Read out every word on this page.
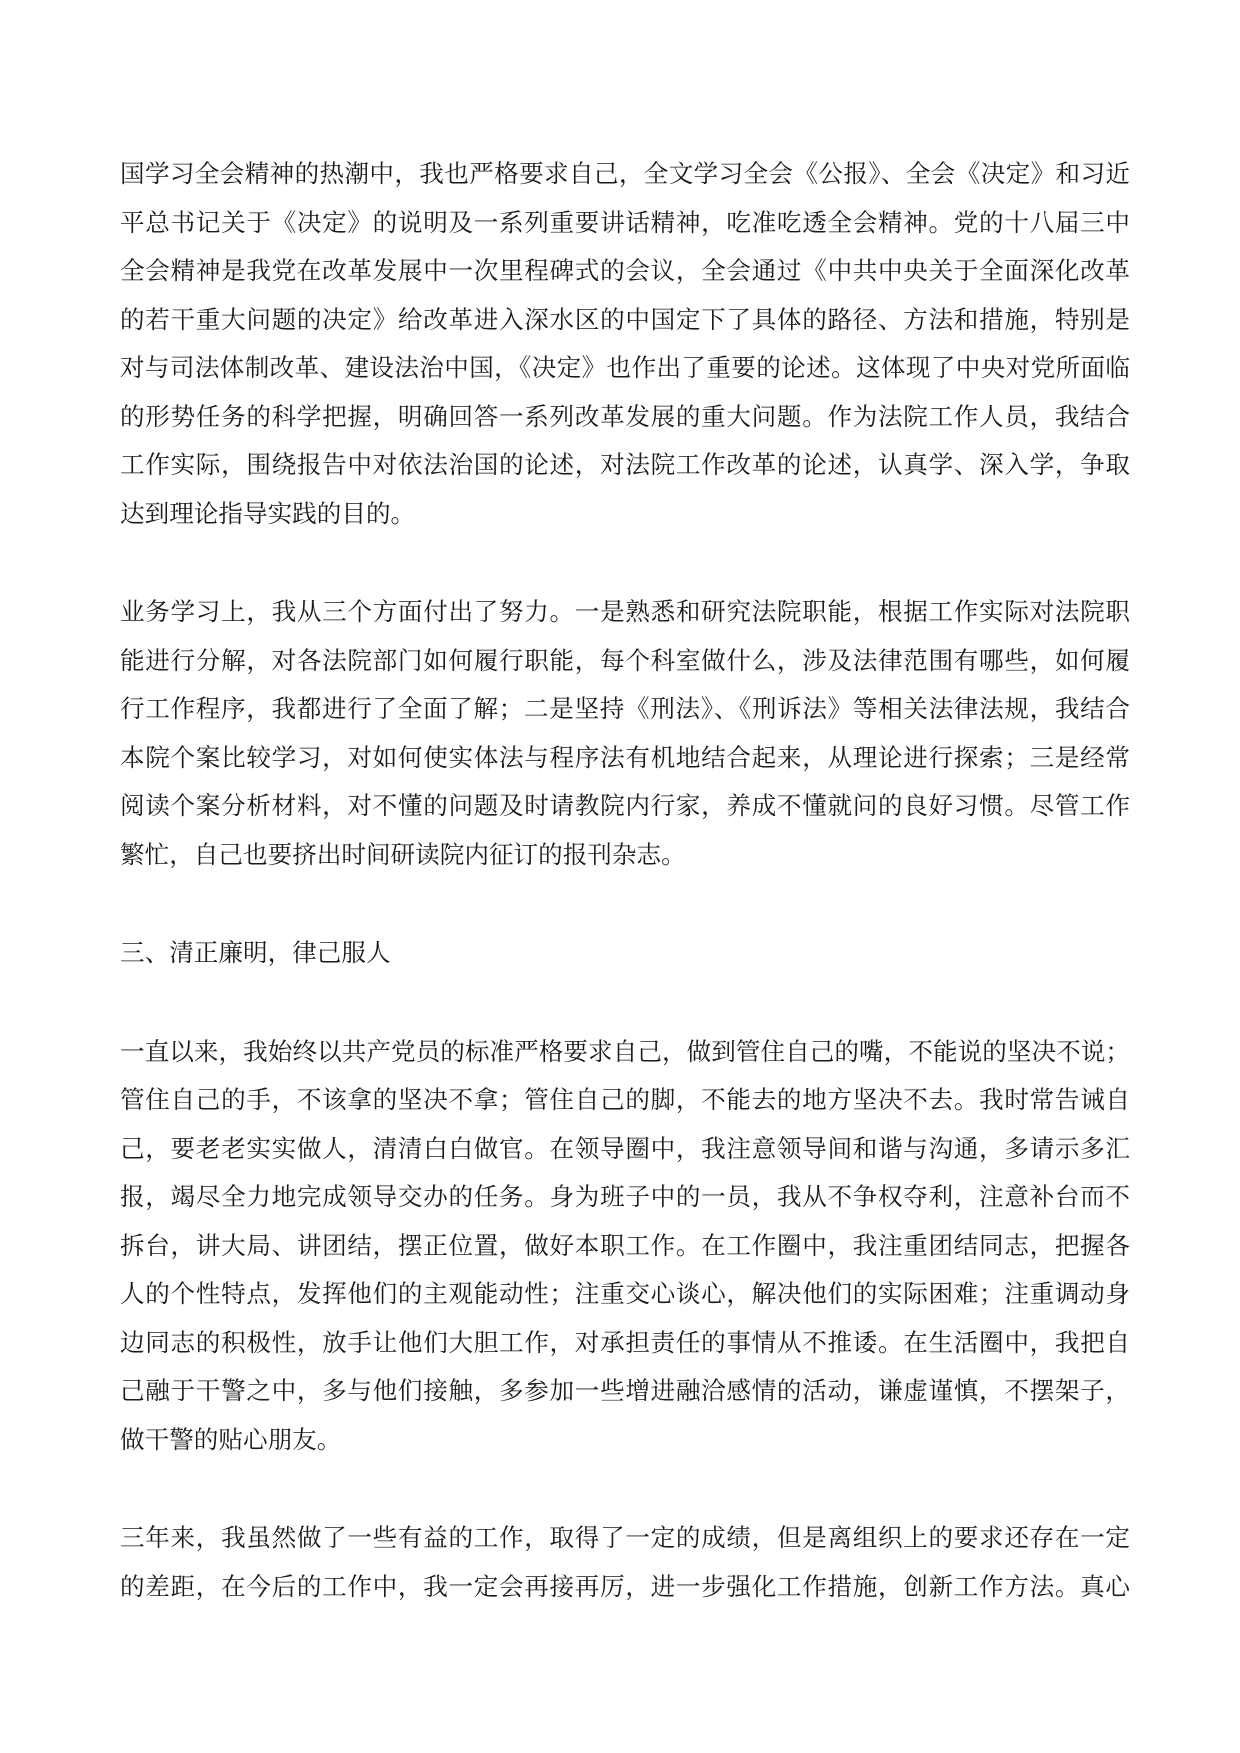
国学习全会精神的热潮中，我也严格要求自己，全文学习全会《公报》、全会《决定》和习近
平总书记关于《决定》的说明及一系列重要讲话精神，吃准吃透全会精神。党的十八届三中
全会精神是我党在改革发展中一次里程碑式的会议，全会通过《中共中央关于全面深化改革
的若干重大问题的决定》给改革进入深水区的中国定下了具体的路径、方法和措施，特别是
对与司法体制改革、建设法治中国，《决定》也作出了重要的论述。这体现了中央对党所面临
的形势任务的科学把握，明确回答一系列改革发展的重大问题。作为法院工作人员，我结合
工作实际，围绕报告中对依法治国的论述，对法院工作改革的论述，认真学、深入学，争取
达到理论指导实践的目的。
业务学习上，我从三个方面付出了努力。一是熟悉和研究法院职能，根据工作实际对法院职
能进行分解，对各法院部门如何履行职能，每个科室做什么，涉及法律范围有哪些，如何履
行工作程序，我都进行了全面了解；二是坚持《刑法》、《刑诉法》等相关法律法规，我结合
本院个案比较学习，对如何使实体法与程序法有机地结合起来，从理论进行探索；三是经常
阅读个案分析材料，对不懂的问题及时请教院内行家，养成不懂就问的良好习惯。尽管工作
繁忙，自己也要挤出时间研读院内征订的报刊杂志。

三、清正廉明，律己服人

一直以来，我始终以共产党员的标准严格要求自己，做到管住自己的嘴，不能说的坚决不说；
管住自己的手，不该拿的坚决不拿；管住自己的脚，不能去的地方坚决不去。我时常告诫自
己，要老老实实做人，清清白白做官。在领导圈中，我注意领导间和谐与沟通，多请示多汇
报，竭尽全力地完成领导交办的任务。身为班子中的一员，我从不争权夺利，注意补台而不
拆台，讲大局、讲团结，摆正位置，做好本职工作。在工作圈中，我注重团结同志，把握各
人的个性特点，发挥他们的主观能动性；注重交心谈心，解决他们的实际困难；注重调动身
边同志的积极性，放手让他们大胆工作，对承担责任的事情从不推诿。在生活圈中，我把自
己融于干警之中，多与他们接触，多参加一些增进融洽感情的活动，谦虚谨慎，不摆架子，
做干警的贴心朋友。
三年来，我虽然做了一些有益的工作，取得了一定的成绩，但是离组织上的要求还存在一定
的差距，在今后的工作中，我一定会再接再厉，进一步强化工作措施，创新工作方法。真心
